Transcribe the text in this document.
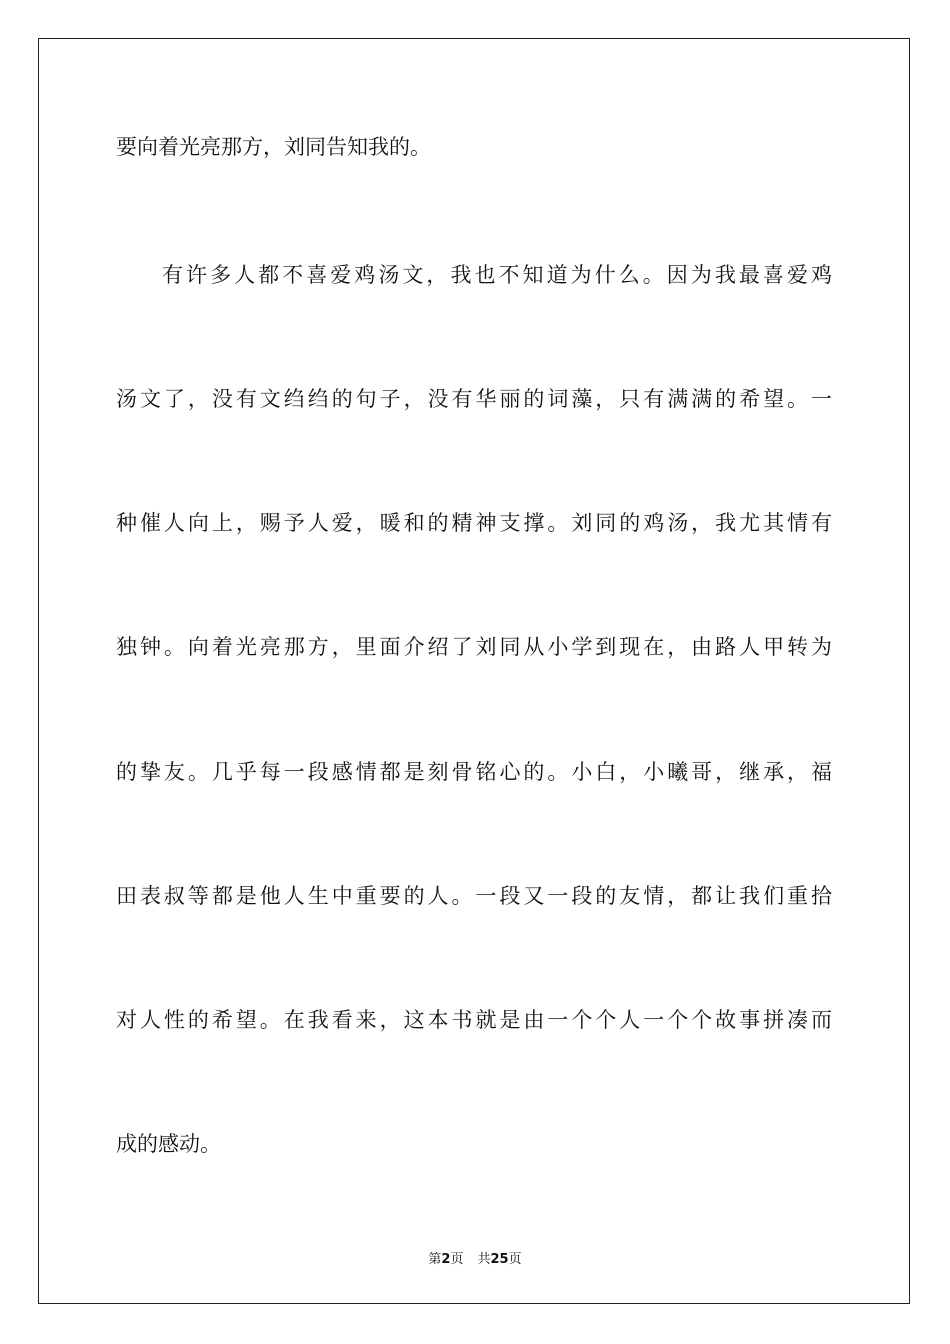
要向着光亮那方，刘同告知我的。
有许多人都不喜爱鸡汤文，我也不知道为什么。因为我最喜爱鸡
汤文了，没有文绉绉的句子，没有华丽的词藻，只有满满的希望。一
种催人向上，赐予人爱，暖和的精神支撑。刘同的鸡汤，我尤其情有
独钟。向着光亮那方，里面介绍了刘同从小学到现在，由路人甲转为
的挚友。几乎每一段感情都是刻骨铭心的。小白，小曦哥，继承，福
田表叔等都是他人生中重要的人。一段又一段的友情，都让我们重拾
对人性的希望。在我看来，这本书就是由一个个人一个个故事拼凑而
成的感动。
第2页 共25页
